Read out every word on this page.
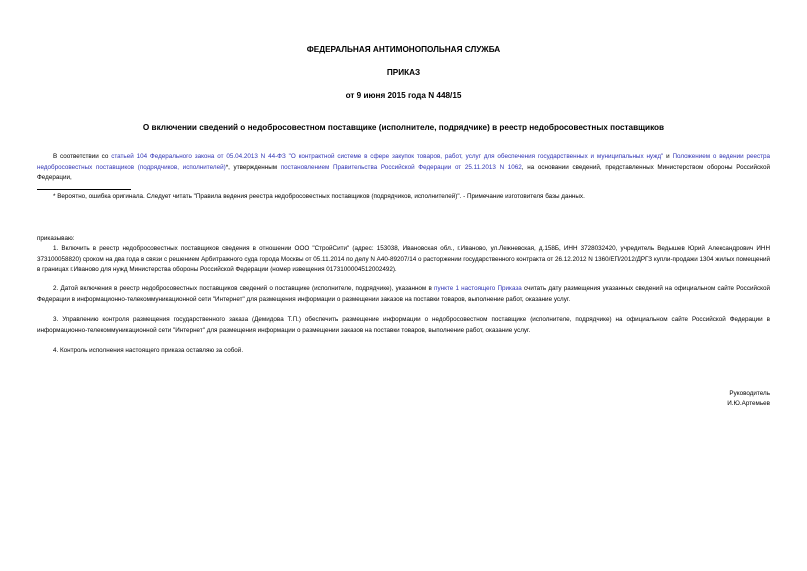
ФЕДЕРАЛЬНАЯ АНТИМОНОПОЛЬНАЯ СЛУЖБА
ПРИКАЗ
от 9 июня 2015 года N 448/15
О включении сведений о недобросовестном поставщике (исполнителе, подрядчике) в реестр недобросовестных поставщиков
В соответствии со статьей 104 Федерального закона от 05.04.2013 N 44-ФЗ "О контрактной системе в сфере закупок товаров, работ, услуг для обеспечения государственных и муниципальных нужд" и Положением о ведении реестра недобросовестных поставщиков (подрядчиков, исполнителей)*, утвержденным постановлением Правительства Российской Федерации от 25.11.2013 N 1062, на основании сведений, представленных Министерством обороны Российской Федерации,
* Вероятно, ошибка оригинала. Следует читать "Правила ведения реестра недобросовестных поставщиков (подрядчиков, исполнителей)". - Примечание изготовителя базы данных.
приказываю:
1. Включить в реестр недобросовестных поставщиков сведения в отношении ООО "СтройСити" (адрес: 153038, Ивановская обл., г.Иваново, ул.Лежневская, д.158Б, ИНН 3728032420, учредитель Ведышев Юрий Александрович ИНН 373100058820) сроком на два года в связи с решением Арбитражного суда города Москвы от 05.11.2014 по делу N А40-89207/14 о расторжении государственного контракта от 26.12.2012 N 1360/ЕП/2012/ДРГЗ купли-продажи 1304 жилых помещений в границах г.Иваново для нужд Министерства обороны Российской Федерации (номер извещения 0173100004512002492).
2. Датой включения в реестр недобросовестных поставщиков сведений о поставщике (исполнителе, подрядчике), указанном в пункте 1 настоящего Приказа считать дату размещения указанных сведений на официальном сайте Российской Федерации в информационно-телекоммуникационной сети "Интернет" для размещения информации о размещении заказов на поставки товаров, выполнение работ, оказание услуг.
3. Управлению контроля размещения государственного заказа (Демидова Т.П.) обеспечить размещение информации о недобросовестном поставщике (исполнителе, подрядчике) на официальном сайте Российской Федерации в информационно-телекоммуникационной сети "Интернет" для размещения информации о размещении заказов на поставки товаров, выполнение работ, оказание услуг.
4. Контроль исполнения настоящего приказа оставляю за собой.
Руководитель
И.Ю.Артемьев
